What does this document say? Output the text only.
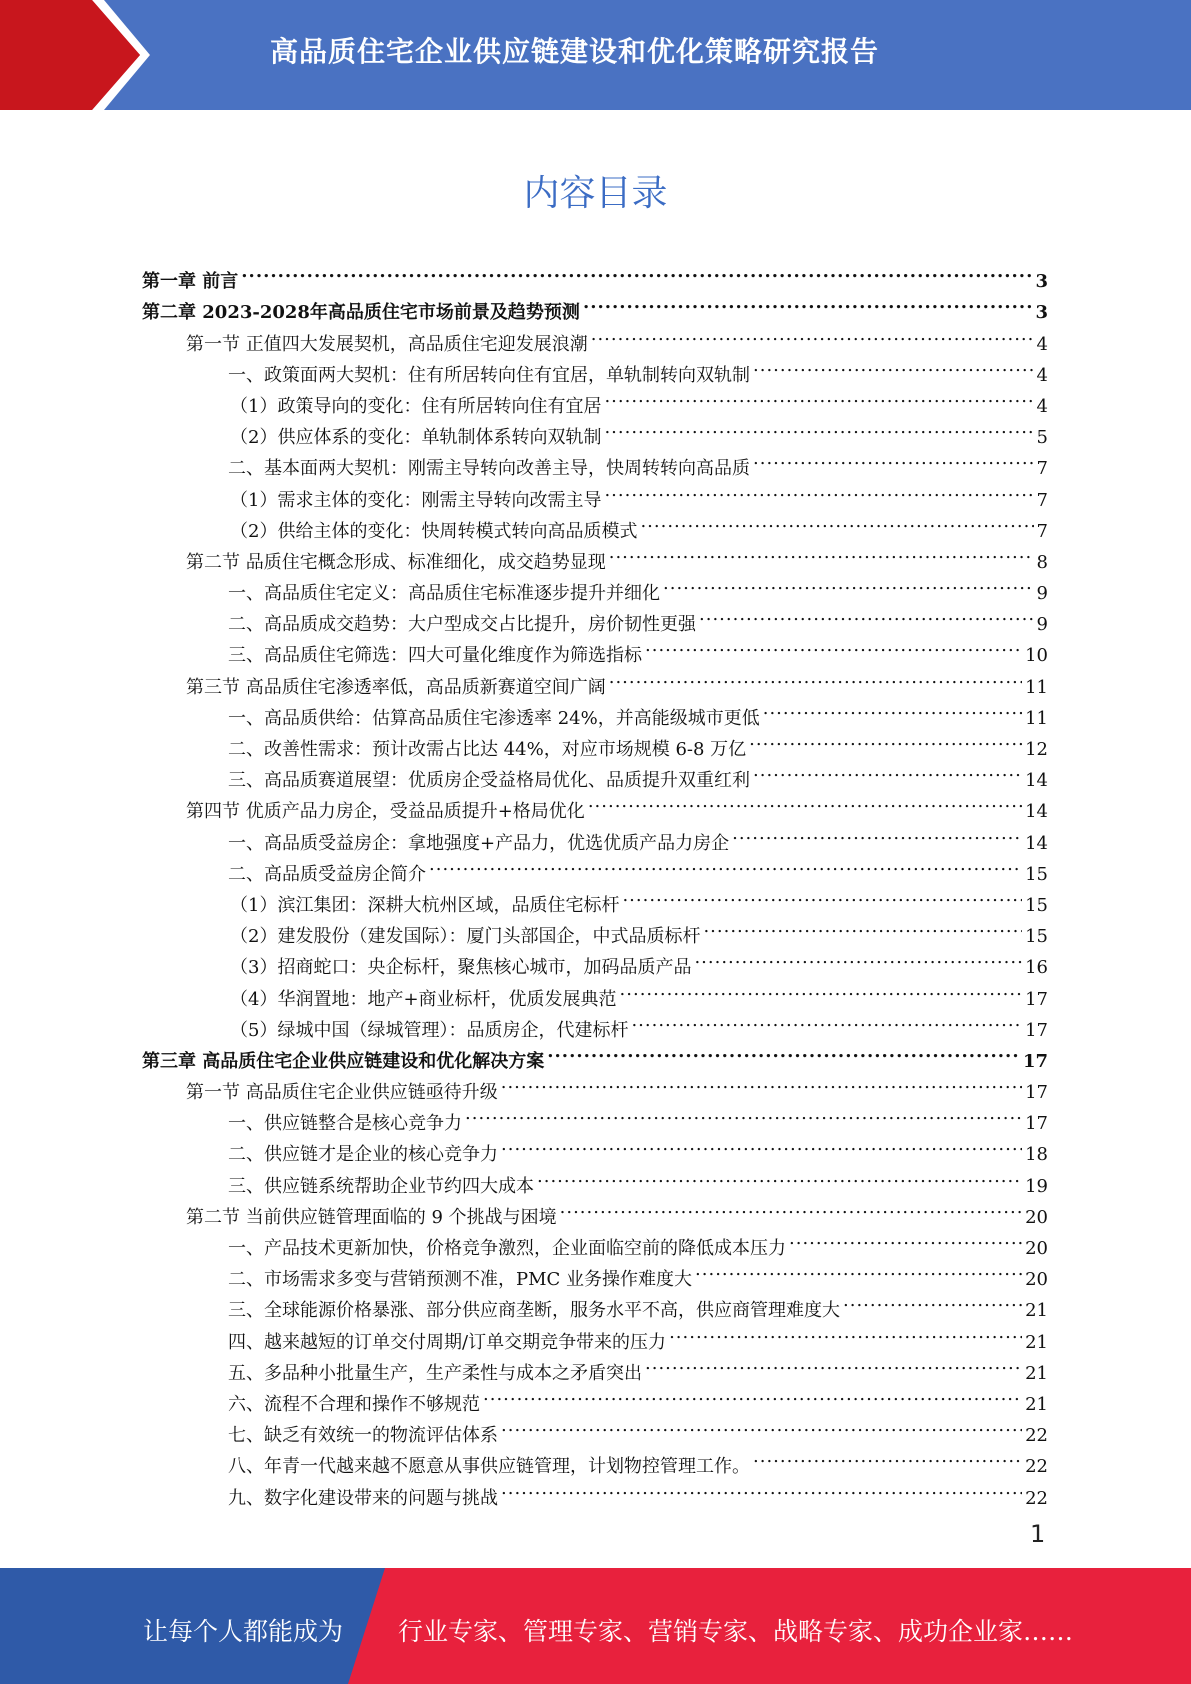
高品质住宅企业供应链建设和优化策略研究报告
内容目录
第一章 前言 .....	3
第二章 2023-2028年高品质住宅市场前景及趋势预测 .....	3
第一节 正值四大发展契机，高品质住宅迎发展浪潮 .....	4
一、政策面两大契机：住有所居转向住有宜居，单轨制转向双轨制 .....	4
（1）政策导向的变化：住有所居转向住有宜居 .....	4
（2）供应体系的变化：单轨制体系转向双轨制 .....	5
二、基本面两大契机：刚需主导转向改善主导，快周转转向高品质 .....	7
（1）需求主体的变化：刚需主导转向改需主导 .....	7
（2）供给主体的变化：快周转模式转向高品质模式 .....	7
第二节 品质住宅概念形成、标准细化，成交趋势显现 .....	8
一、高品质住宅定义：高品质住宅标准逐步提升并细化 .....	9
二、高品质成交趋势：大户型成交占比提升，房价韧性更强 .....	9
三、高品质住宅筛选：四大可量化维度作为筛选指标 .....	10
第三节 高品质住宅渗透率低，高品质新赛道空间广阔 .....	11
一、高品质供给：估算高品质住宅渗透率 24%，并高能级城市更低 .....	11
二、改善性需求：预计改需占比达 44%，对应市场规模 6-8 万亿 .....	12
三、高品质赛道展望：优质房企受益格局优化、品质提升双重红利 .....	14
第四节 优质产品力房企，受益品质提升+格局优化 .....	14
一、高品质受益房企：拿地强度+产品力，优选优质产品力房企 .....	14
二、高品质受益房企简介 .....	15
（1）滨江集团：深耕大杭州区域，品质住宅标杆 .....	15
（2）建发股份（建发国际）：厦门头部国企，中式品质标杆 .....	15
（3）招商蛇口：央企标杆，聚焦核心城市，加码品质产品 .....	16
（4）华润置地：地产+商业标杆，优质发展典范 .....	17
（5）绿城中国（绿城管理）：品质房企，代建标杆 .....	17
第三章 高品质住宅企业供应链建设和优化解决方案 .....	17
第一节 高品质住宅企业供应链亟待升级 .....	17
一、供应链整合是核心竞争力 .....	17
二、供应链才是企业的核心竞争力 .....	18
三、供应链系统帮助企业节约四大成本 .....	19
第二节 当前供应链管理面临的 9 个挑战与困境 .....	20
一、产品技术更新加快，价格竞争激烈，企业面临空前的降低成本压力 .....	20
二、市场需求多变与营销预测不准，PMC 业务操作难度大 .....	20
三、全球能源价格暴涨、部分供应商垄断，服务水平不高，供应商管理难度大 .....	21
四、越来越短的订单交付周期/订单交期竞争带来的压力 .....	21
五、多品种小批量生产，生产柔性与成本之矛盾突出 .....	21
六、流程不合理和操作不够规范 .....	21
七、缺乏有效统一的物流评估体系 .....	22
八、年青一代越来越不愿意从事供应链管理，计划物控管理工作。 .....	22
九、数字化建设带来的问题与挑战 .....	22
1
让每个人都能成为 行业专家、管理专家、营销专家、战略专家、成功企业家……
